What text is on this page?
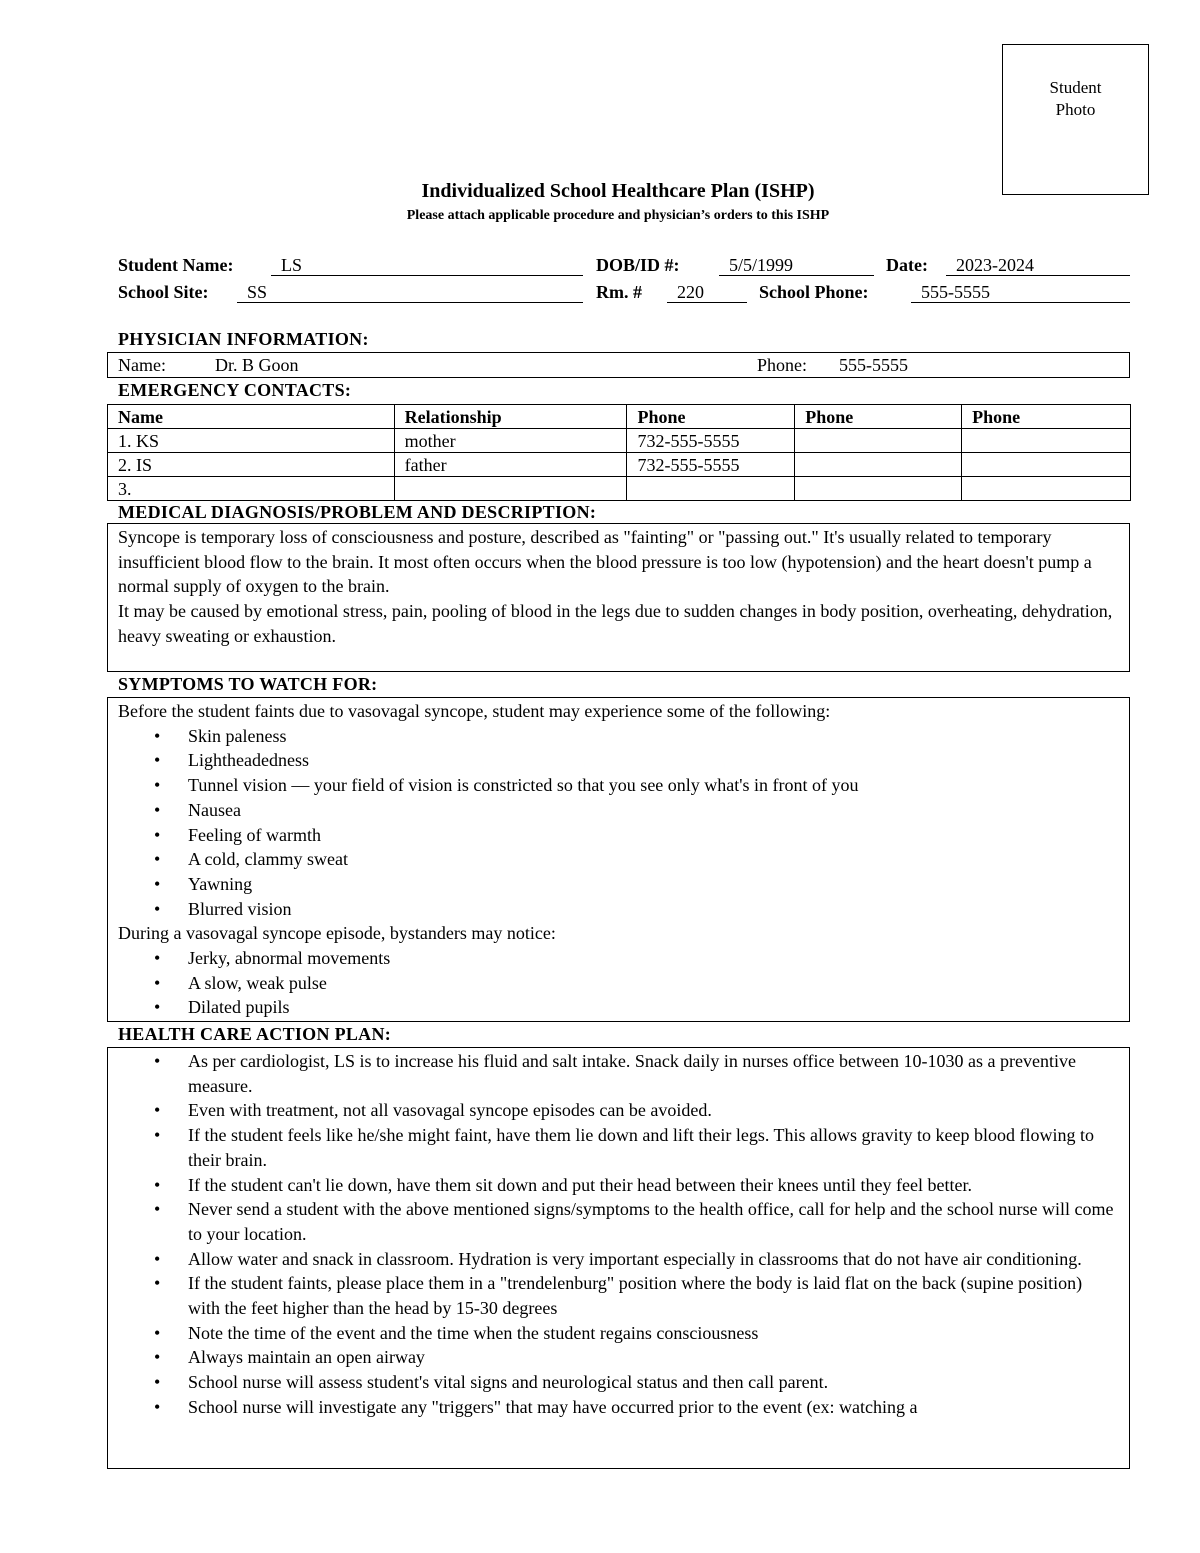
Student
Photo
Individualized School Healthcare Plan (ISHP)
Please attach applicable procedure and physician’s orders to this ISHP
Student Name:	LS	DOB/ID #:	5/5/1999	Date:	2023-2024
School Site:	SS	Rm. #	220	School Phone:	555-5555
PHYSICIAN INFORMATION:
Name:	Dr. B Goon	Phone: 555-5555
EMERGENCY CONTACTS:
Name	Relationship	Phone	Phone	Phone
1. KS	mother	732-555-5555		
2. IS	father	732-555-5555		
3.				
MEDICAL DIAGNOSIS/PROBLEM AND DESCRIPTION:
Syncope is temporary loss of consciousness and posture, described as "fainting" or "passing out." It's usually related to temporary insufficient blood flow to the brain. It most often occurs when the blood pressure is too low (hypotension) and the heart doesn't pump a normal supply of oxygen to the brain.
It may be caused by emotional stress, pain, pooling of blood in the legs due to sudden changes in body position, overheating, dehydration, heavy sweating or exhaustion.
SYMPTOMS TO WATCH FOR:
Before the student faints due to vasovagal syncope, student may experience some of the following:
• Skin paleness
• Lightheadedness
• Tunnel vision — your field of vision is constricted so that you see only what's in front of you
• Nausea
• Feeling of warmth
• A cold, clammy sweat
• Yawning
• Blurred vision
During a vasovagal syncope episode, bystanders may notice:
• Jerky, abnormal movements
• A slow, weak pulse
• Dilated pupils
HEALTH CARE ACTION PLAN:
• As per cardiologist, LS is to increase his fluid and salt intake. Snack daily in nurses office between 10-1030 as a preventive measure.
• Even with treatment, not all vasovagal syncope episodes can be avoided.
• If the student feels like he/she might faint, have them lie down and lift their legs. This allows gravity to keep blood flowing to their brain.
• If the student can't lie down, have them sit down and put their head between their knees until they feel better.
• Never send a student with the above mentioned signs/symptoms to the health office, call for help and the school nurse will come to your location.
• Allow water and snack in classroom. Hydration is very important especially in classrooms that do not have air conditioning.
• If the student faints, please place them in a "trendelenburg" position where the body is laid flat on the back (supine position) with the feet higher than the head by 15-30 degrees
• Note the time of the event and the time when the student regains consciousness
• Always maintain an open airway
• School nurse will assess student's vital signs and neurological status and then call parent.
• School nurse will investigate any "triggers" that may have occurred prior to the event (ex: watching a
